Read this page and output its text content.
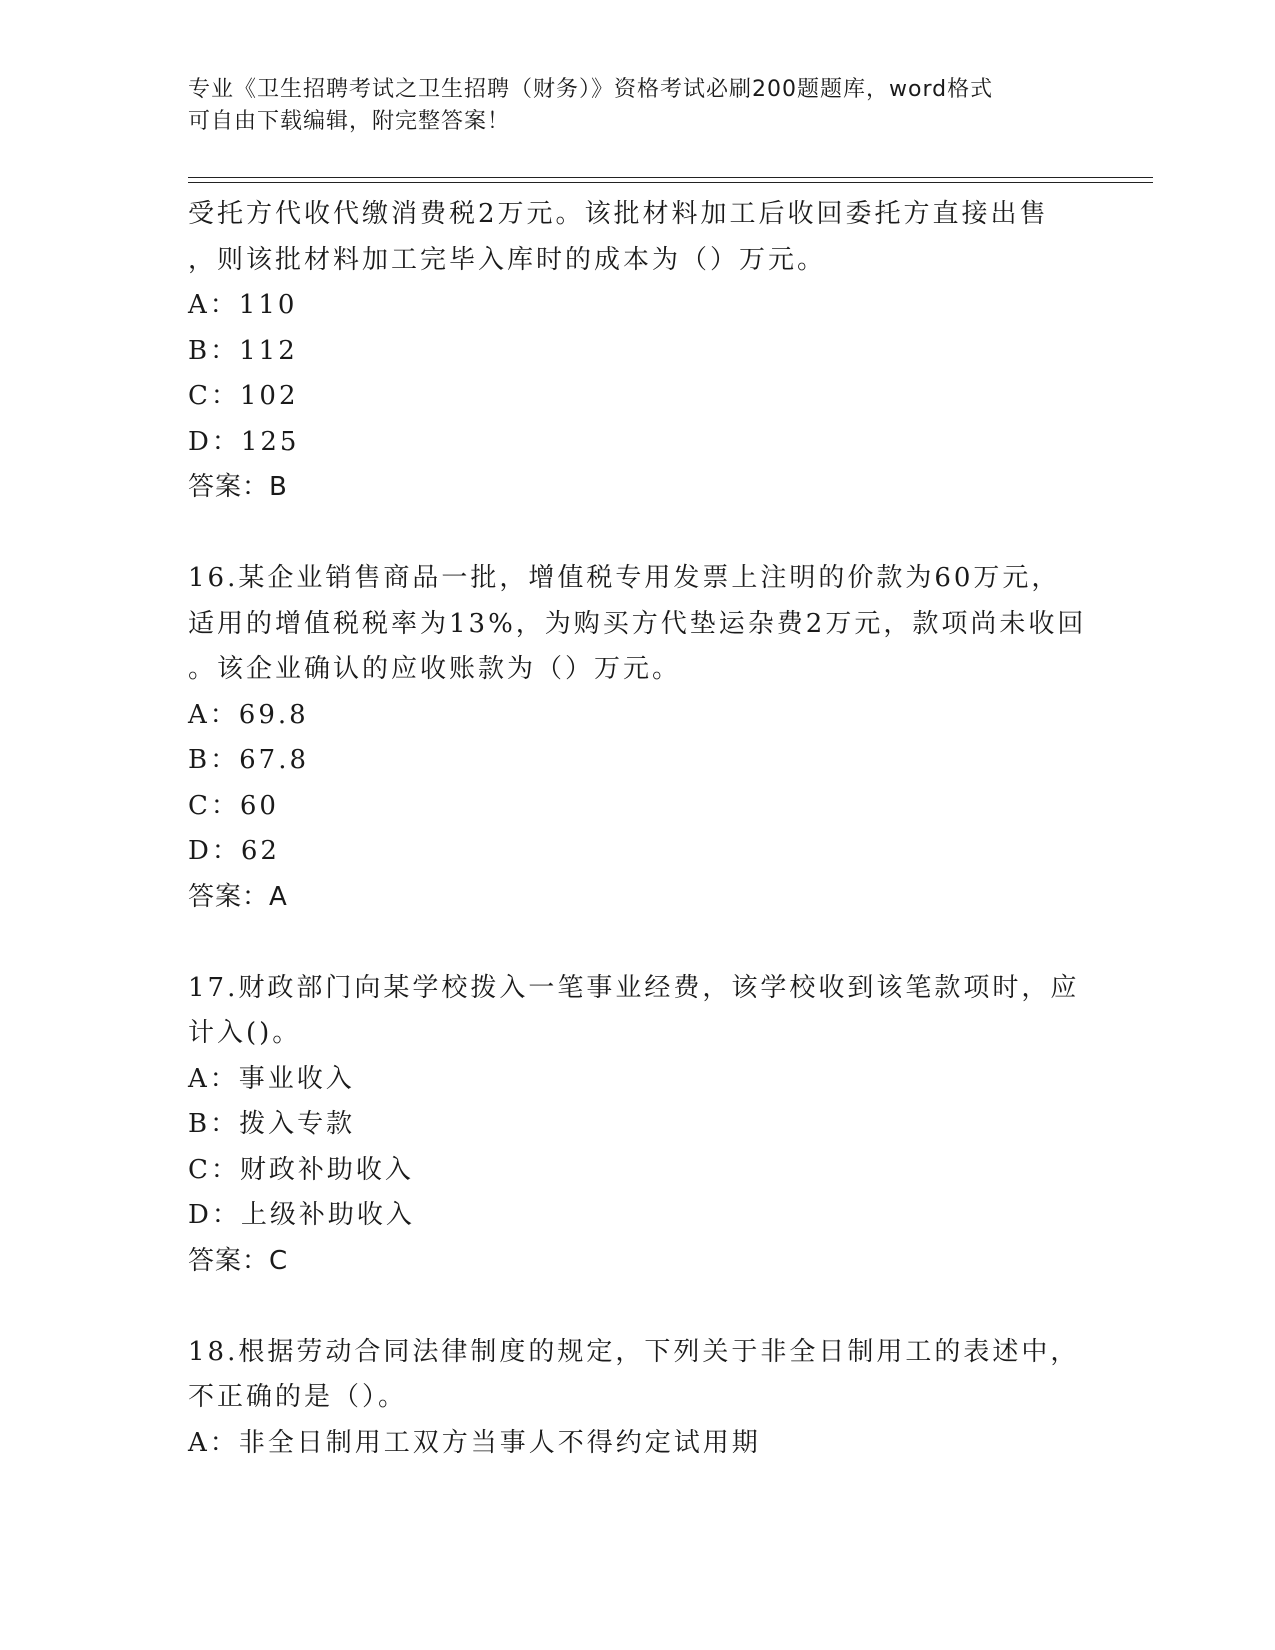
专业《卫生招聘考试之卫生招聘（财务）》资格考试必刷200题题库，word格式
可自由下载编辑，附完整答案！
受托方代收代缴消费税2万元。该批材料加工后收回委托方直接出售
，则该批材料加工完毕入库时的成本为（）万元。
A：110
B：112
C：102
D：125
答案：B
16.某企业销售商品一批，增值税专用发票上注明的价款为60万元，
适用的增值税税率为13%，为购买方代垫运杂费2万元，款项尚未收回
。该企业确认的应收账款为（）万元。
A：69.8
B：67.8
C：60
D：62
答案：A
17.财政部门向某学校拨入一笔事业经费，该学校收到该笔款项时，应
计入()。
A：事业收入
B：拨入专款
C：财政补助收入
D：上级补助收入
答案：C
18.根据劳动合同法律制度的规定，下列关于非全日制用工的表述中，
不正确的是（）。
A：非全日制用工双方当事人不得约定试用期
